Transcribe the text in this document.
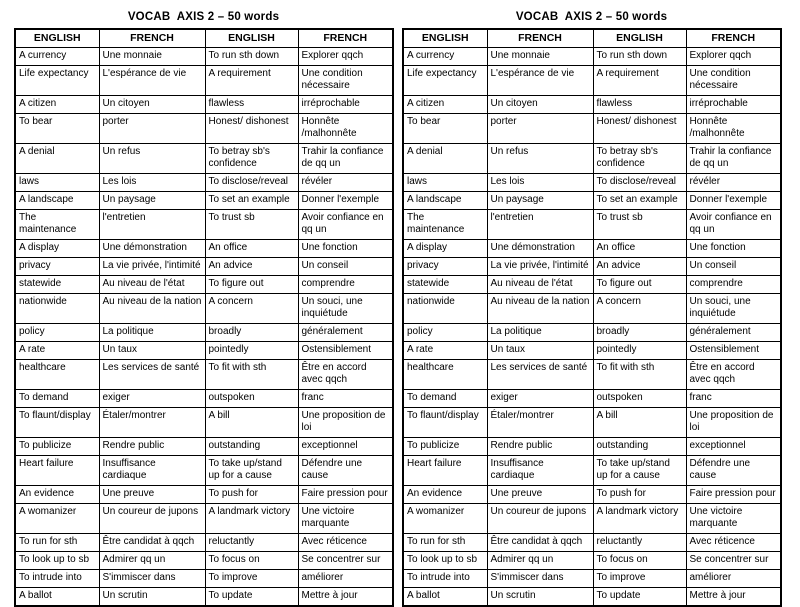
VOCAB  AXIS 2 – 50 words
ENGLISH	FRENCH	ENGLISH	FRENCH
A currency	Une monnaie	To run sth down	Explorer qqch
Life expectancy	L'espérance de vie	A requirement	Une condition nécessaire
A citizen	Un citoyen	flawless	irréprochable
To bear	porter	Honest/ dishonest	Honnête /malhonnête
A denial	Un refus	To betray sb's confidence	Trahir la confiance de qq un
laws	Les lois	To disclose/reveal	révéler
A landscape	Un paysage	To set an example	Donner l'exemple
The maintenance	l'entretien	To trust sb	Avoir confiance en qq un
A display	Une démonstration	An office	Une fonction
privacy	La vie privée, l'intimité	An advice	Un conseil
statewide	Au niveau de l'état	To figure out	comprendre
nationwide	Au niveau de la nation	A concern	Un souci, une inquiétude
policy	La politique	broadly	généralement
A rate	Un taux	pointedly	Ostensiblement
healthcare	Les services de santé	To fit with sth	Être en accord avec qqch
To demand	exiger	outspoken	franc
To flaunt/display	Étaler/montrer	A bill	Une proposition de loi
To publicize	Rendre public	outstanding	exceptionnel
Heart failure	Insuffisance cardiaque	To take up/stand up for a cause	Défendre une cause
An evidence	Une preuve	To push for	Faire pression pour
A womanizer	Un coureur de jupons	A landmark victory	Une victoire marquante
To run for sth	Être candidat à qqch	reluctantly	Avec réticence
To look up to sb	Admirer qq un	To focus on	Se concentrer sur
To intrude into	S'immiscer dans	To improve	améliorer
A ballot	Un scrutin	To update	Mettre à jour
VOCAB  AXIS 2 – 50 words
ENGLISH	FRENCH	ENGLISH	FRENCH
A currency	Une monnaie	To run sth down	Explorer qqch
Life expectancy	L'espérance de vie	A requirement	Une condition nécessaire
A citizen	Un citoyen	flawless	irréprochable
To bear	porter	Honest/ dishonest	Honnête /malhonnête
A denial	Un refus	To betray sb's confidence	Trahir la confiance de qq un
laws	Les lois	To disclose/reveal	révéler
A landscape	Un paysage	To set an example	Donner l'exemple
The maintenance	l'entretien	To trust sb	Avoir confiance en qq un
A display	Une démonstration	An office	Une fonction
privacy	La vie privée, l'intimité	An advice	Un conseil
statewide	Au niveau de l'état	To figure out	comprendre
nationwide	Au niveau de la nation	A concern	Un souci, une inquiétude
policy	La politique	broadly	généralement
A rate	Un taux	pointedly	Ostensiblement
healthcare	Les services de santé	To fit with sth	Être en accord avec qqch
To demand	exiger	outspoken	franc
To flaunt/display	Étaler/montrer	A bill	Une proposition de loi
To publicize	Rendre public	outstanding	exceptionnel
Heart failure	Insuffisance cardiaque	To take up/stand up for a cause	Défendre une cause
An evidence	Une preuve	To push for	Faire pression pour
A womanizer	Un coureur de jupons	A landmark victory	Une victoire marquante
To run for sth	Être candidat à qqch	reluctantly	Avec réticence
To look up to sb	Admirer qq un	To focus on	Se concentrer sur
To intrude into	S'immiscer dans	To improve	améliorer
A ballot	Un scrutin	To update	Mettre à jour
